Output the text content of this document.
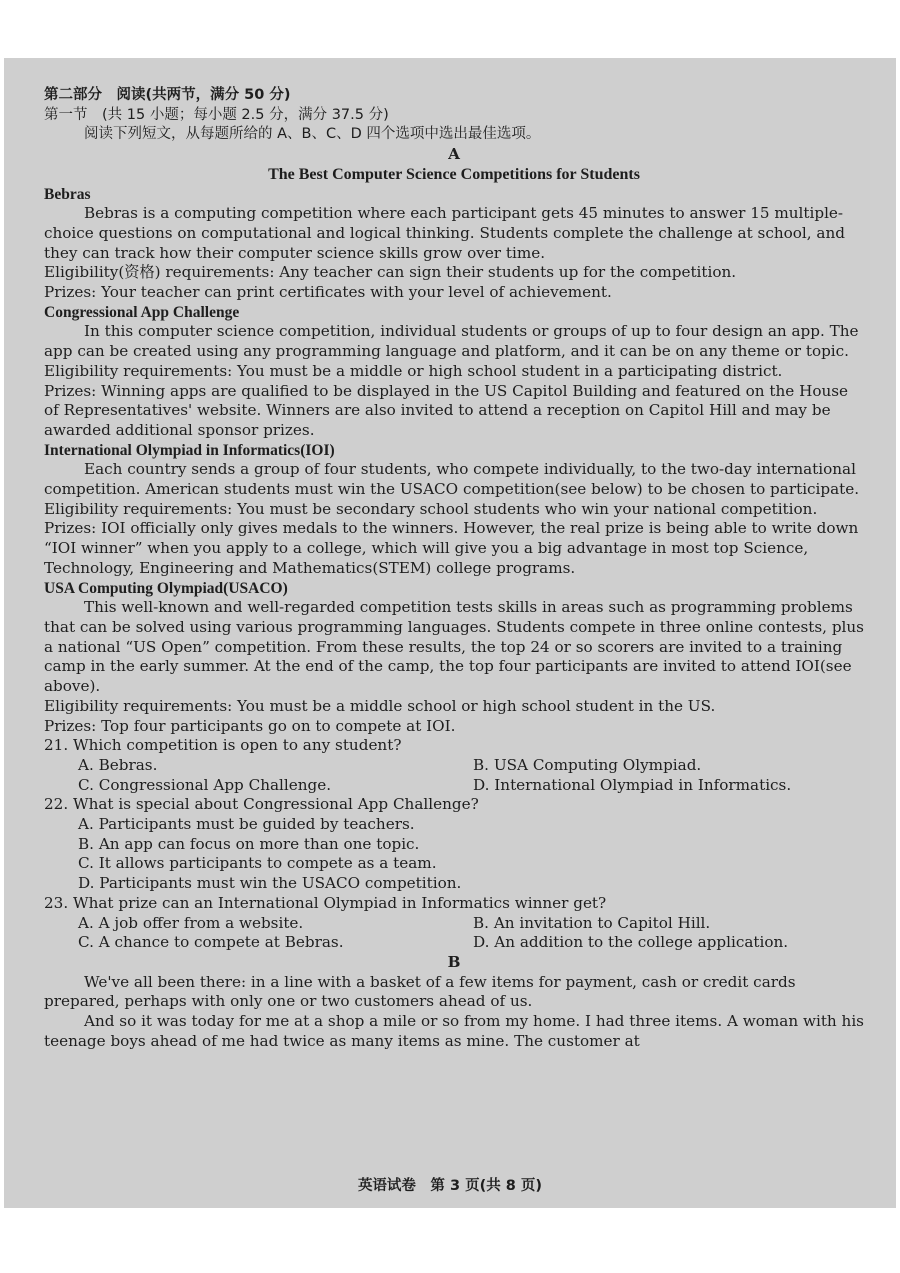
第二部分　阅读(共两节，满分 50 分)

第一节　(共 15 小题；每小题 2.5 分，满分 37.5 分)

阅读下列短文，从每题所给的 A、B、C、D 四个选项中选出最佳选项。

A

The Best Computer Science Competitions for Students

Bebras

Bebras is a computing competition where each participant gets 45 minutes to answer 15 multiple-choice questions on computational and logical thinking. Students complete the challenge at school, and they can track how their computer science skills grow over time.

Eligibility(资格) requirements: Any teacher can sign their students up for the competition.

Prizes: Your teacher can print certificates with your level of achievement.

Congressional App Challenge

In this computer science competition, individual students or groups of up to four design an app. The app can be created using any programming language and platform, and it can be on any theme or topic.

Eligibility requirements: You must be a middle or high school student in a participating district.

Prizes: Winning apps are qualified to be displayed in the US Capitol Building and featured on the House of Representatives' website. Winners are also invited to attend a reception on Capitol Hill and may be awarded additional sponsor prizes.

International Olympiad in Informatics(IOI)

Each country sends a group of four students, who compete individually, to the two-day international competition. American students must win the USACO competition(see below) to be chosen to participate.

Eligibility requirements: You must be secondary school students who win your national competition.

Prizes: IOI officially only gives medals to the winners. However, the real prize is being able to write down “IOI winner” when you apply to a college, which will give you a big advantage in most top Science, Technology, Engineering and Mathematics(STEM) college programs.

USA Computing Olympiad(USACO)

This well-known and well-regarded competition tests skills in areas such as programming problems that can be solved using various programming languages. Students compete in three online contests, plus a national “US Open” competition. From these results, the top 24 or so scorers are invited to a training camp in the early summer. At the end of the camp, the top four participants are invited to attend IOI(see above).

Eligibility requirements: You must be a middle school or high school student in the US.

Prizes: Top four participants go on to compete at IOI.

21. Which competition is open to any student?

A. Bebras.	B. USA Computing Olympiad.
C. Congressional App Challenge.	D. International Olympiad in Informatics.

22. What is special about Congressional App Challenge?

A. Participants must be guided by teachers.

B. An app can focus on more than one topic.

C. It allows participants to compete as a team.

D. Participants must win the USACO competition.

23. What prize can an International Olympiad in Informatics winner get?

A. A job offer from a website.	B. An invitation to Capitol Hill.
C. A chance to compete at Bebras.	D. An addition to the college application.

B

We've all been there: in a line with a basket of a few items for payment, cash or credit cards prepared, perhaps with only one or two customers ahead of us.

And so it was today for me at a shop a mile or so from my home. I had three items. A woman with his teenage boys ahead of me had twice as many items as mine. The customer at

英语试卷　第 3 页(共 8 页)
